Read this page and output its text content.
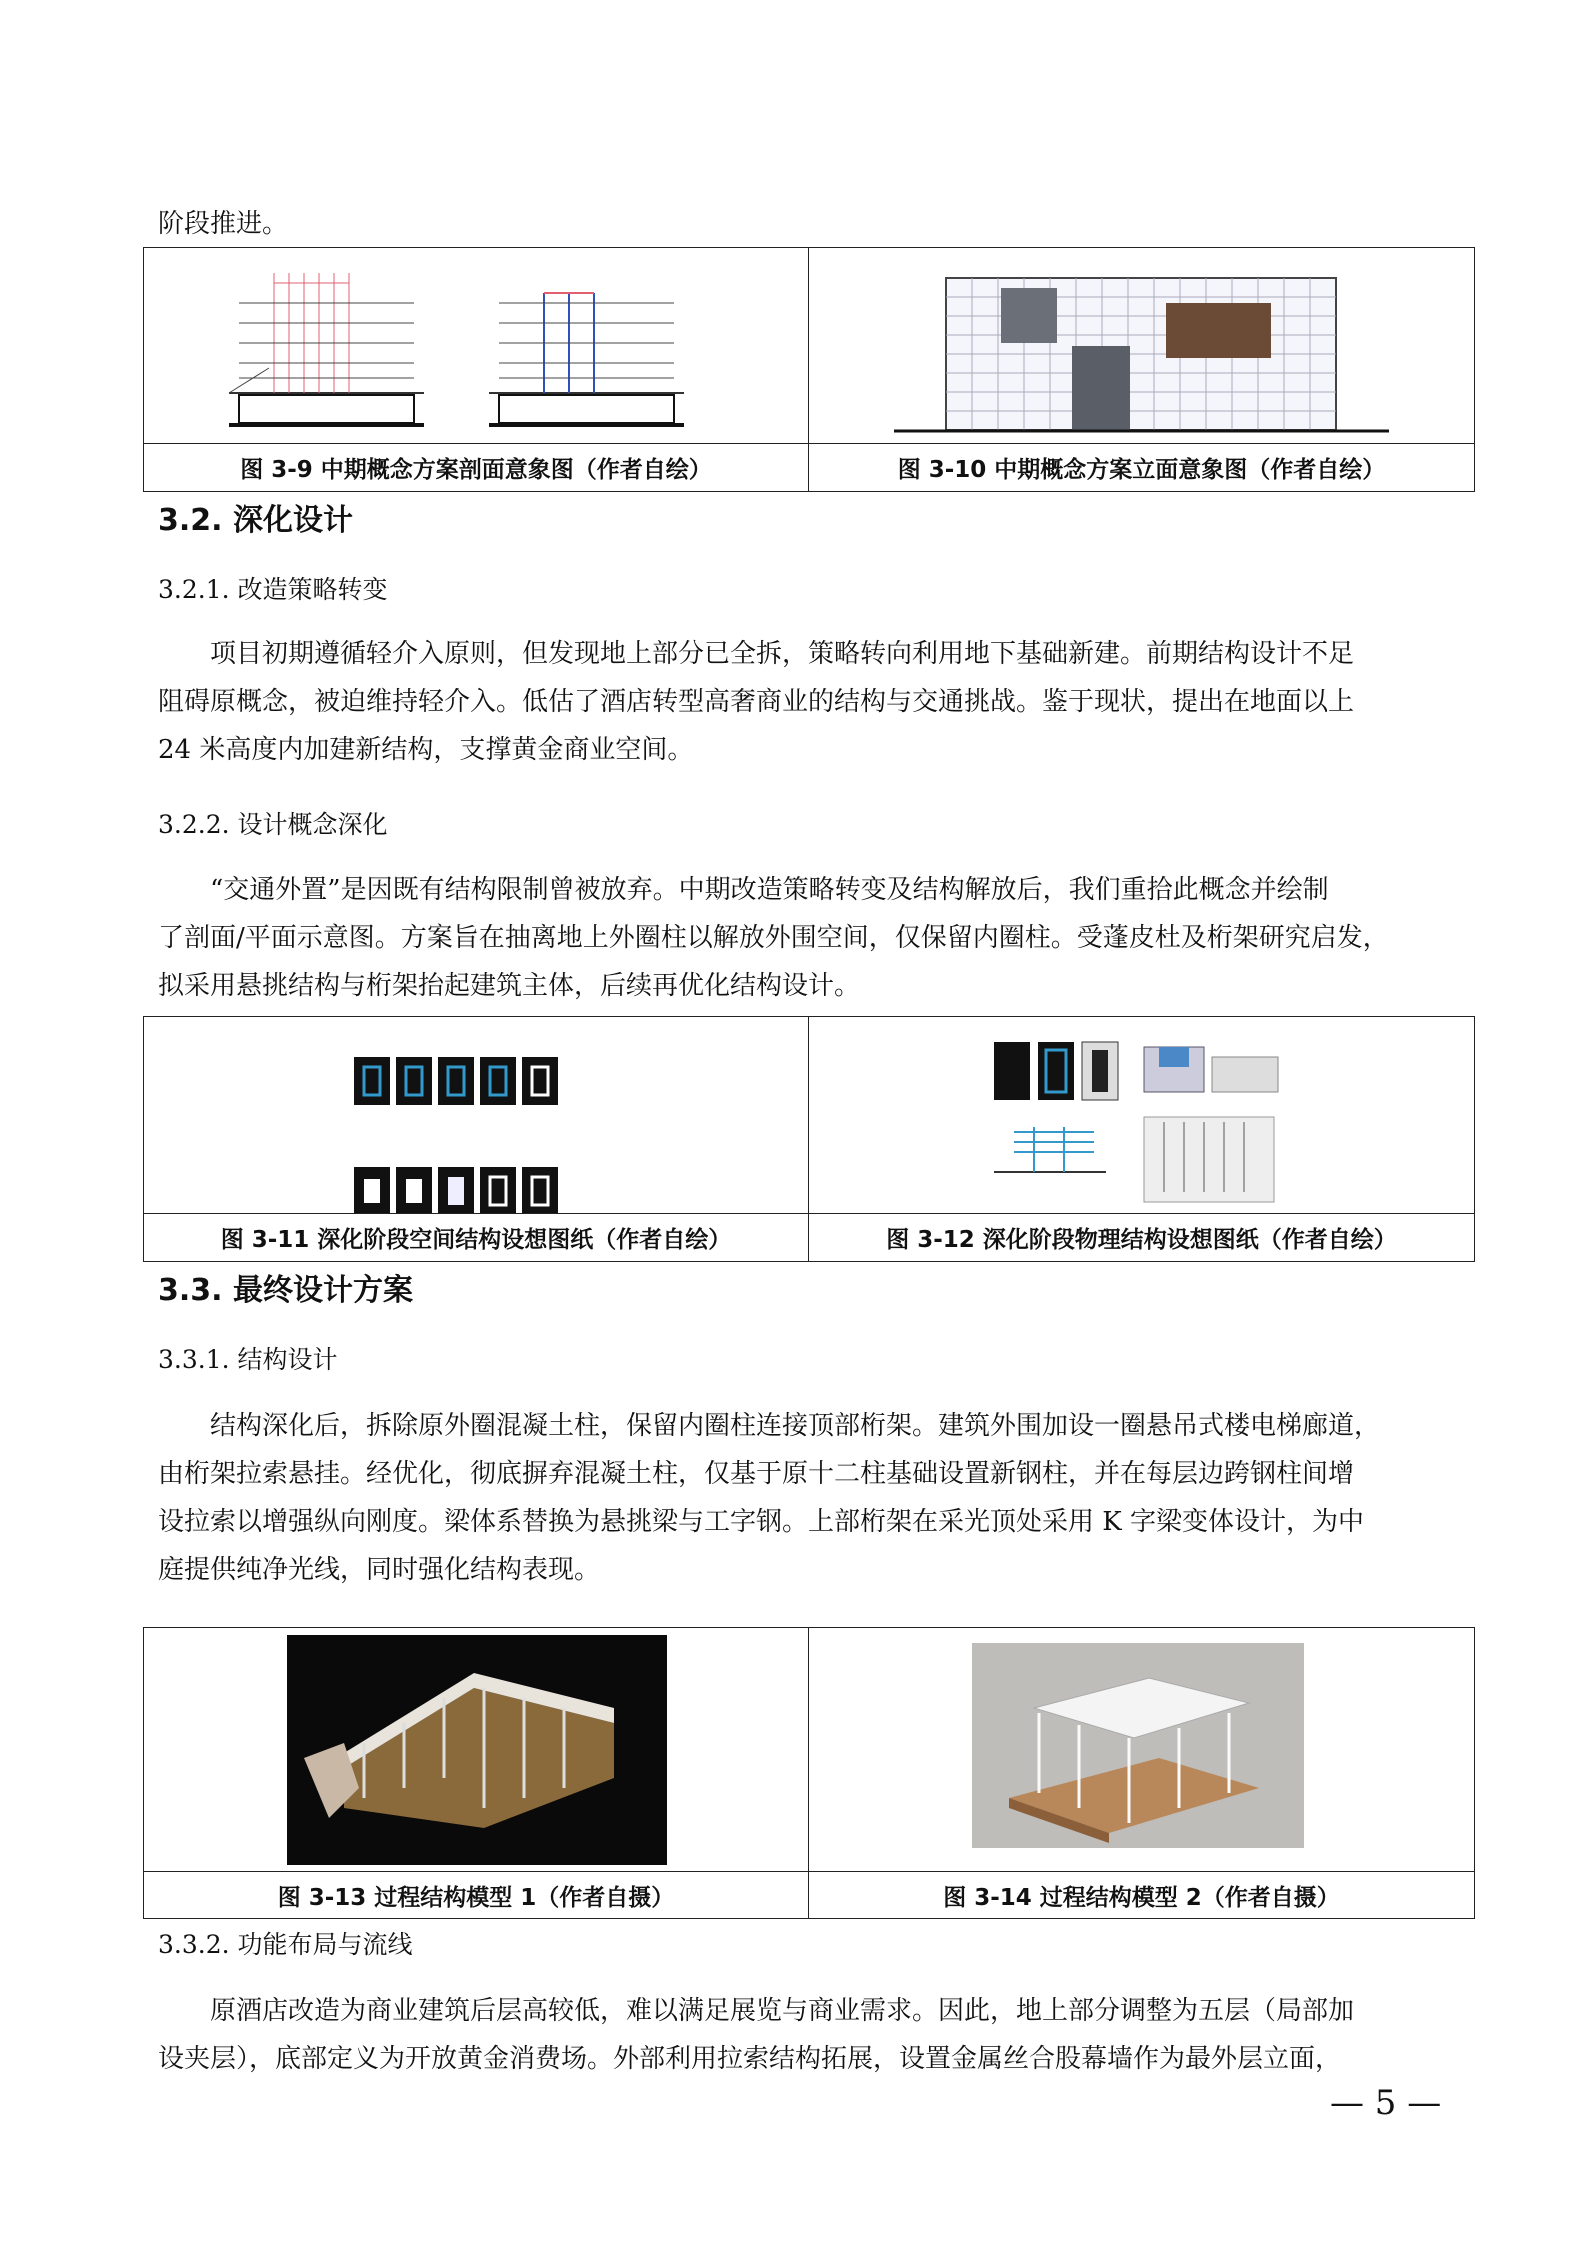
阶段推进。
图 3-9 中期概念方案剖面意象图（作者自绘）	图 3-10 中期概念方案立面意象图（作者自绘）
3.2. 深化设计
3.2.1. 改造策略转变
项目初期遵循轻介入原则，但发现地上部分已全拆，策略转向利用地下基础新建。前期结构设计不足
阻碍原概念，被迫维持轻介入。低估了酒店转型高奢商业的结构与交通挑战。鉴于现状，提出在地面以上
24 米高度内加建新结构，支撑黄金商业空间。
3.2.2. 设计概念深化
“交通外置”是因既有结构限制曾被放弃。中期改造策略转变及结构解放后，我们重拾此概念并绘制
了剖面/平面示意图。方案旨在抽离地上外圈柱以解放外围空间，仅保留内圈柱。受蓬皮杜及桁架研究启发，
拟采用悬挑结构与桁架抬起建筑主体，后续再优化结构设计。
图 3-11 深化阶段空间结构设想图纸（作者自绘）	图 3-12 深化阶段物理结构设想图纸（作者自绘）
3.3. 最终设计方案
3.3.1. 结构设计
结构深化后，拆除原外圈混凝土柱，保留内圈柱连接顶部桁架。建筑外围加设一圈悬吊式楼电梯廊道，
由桁架拉索悬挂。经优化，彻底摒弃混凝土柱，仅基于原十二柱基础设置新钢柱，并在每层边跨钢柱间增
设拉索以增强纵向刚度。梁体系替换为悬挑梁与工字钢。上部桁架在采光顶处采用 K 字梁变体设计，为中
庭提供纯净光线，同时强化结构表现。
图 3-13 过程结构模型 1（作者自摄）	图 3-14 过程结构模型 2（作者自摄）
3.3.2. 功能布局与流线
原酒店改造为商业建筑后层高较低，难以满足展览与商业需求。因此，地上部分调整为五层（局部加
设夹层），底部定义为开放黄金消费场。外部利用拉索结构拓展，设置金属丝合股幕墙作为最外层立面，
— 5 —
